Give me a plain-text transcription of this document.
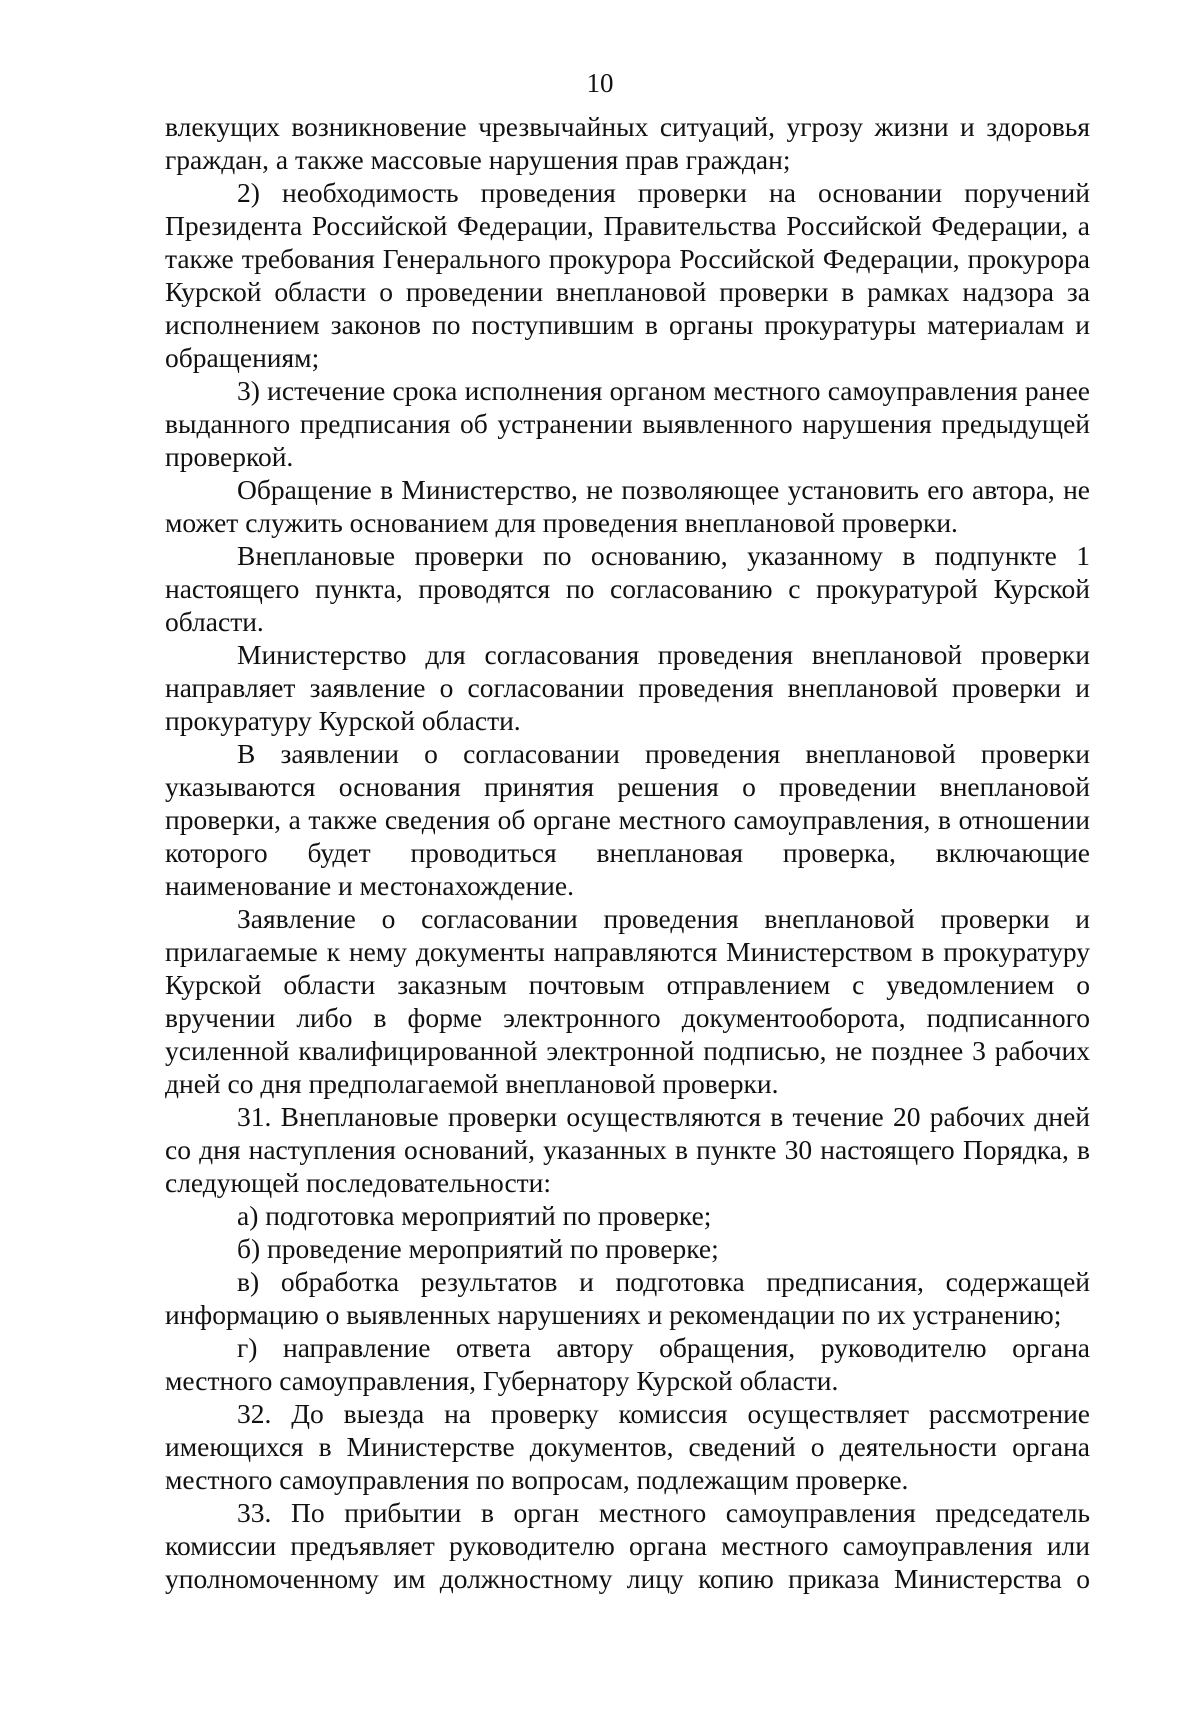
10

влекущих возникновение чрезвычайных ситуаций, угрозу жизни и здоровья граждан, а также массовые нарушения прав граждан;

2) необходимость проведения проверки на основании поручений Президента Российской Федерации, Правительства Российской Федерации, а также требования Генерального прокурора Российской Федерации, прокурора Курской области о проведении внеплановой проверки в рамках надзора за исполнением законов по поступившим в органы прокуратуры материалам и обращениям;

3) истечение срока исполнения органом местного самоуправления ранее выданного предписания об устранении выявленного нарушения предыдущей проверкой.

Обращение в Министерство, не позволяющее установить его автора, не может служить основанием для проведения внеплановой проверки.

Внеплановые проверки по основанию, указанному в подпункте 1 настоящего пункта, проводятся по согласованию с прокуратурой Курской области.

Министерство для согласования проведения внеплановой проверки направляет заявление о согласовании проведения внеплановой проверки и прокуратуру Курской области.

В заявлении о согласовании проведения внеплановой проверки указываются основания принятия решения о проведении внеплановой проверки, а также сведения об органе местного самоуправления, в отношении которого будет проводиться внеплановая проверка, включающие наименование и местонахождение.

Заявление о согласовании проведения внеплановой проверки и прилагаемые к нему документы направляются Министерством в прокуратуру Курской области заказным почтовым отправлением с уведомлением о вручении либо в форме электронного документооборота, подписанного усиленной квалифицированной электронной подписью, не позднее 3 рабочих дней со дня предполагаемой внеплановой проверки.

31. Внеплановые проверки осуществляются в течение 20 рабочих дней со дня наступления оснований, указанных в пункте 30 настоящего Порядка, в следующей последовательности:

а) подготовка мероприятий по проверке;

б) проведение мероприятий по проверке;

в) обработка результатов и подготовка предписания, содержащей информацию о выявленных нарушениях и рекомендации по их устранению;

г) направление ответа автору обращения, руководителю органа местного самоуправления, Губернатору Курской области.

32. До выезда на проверку комиссия осуществляет рассмотрение имеющихся в Министерстве документов, сведений о деятельности органа местного самоуправления по вопросам, подлежащим проверке.

33. По прибытии в орган местного самоуправления председатель комиссии предъявляет руководителю органа местного самоуправления или уполномоченному им должностному лицу копию приказа Министерства о
